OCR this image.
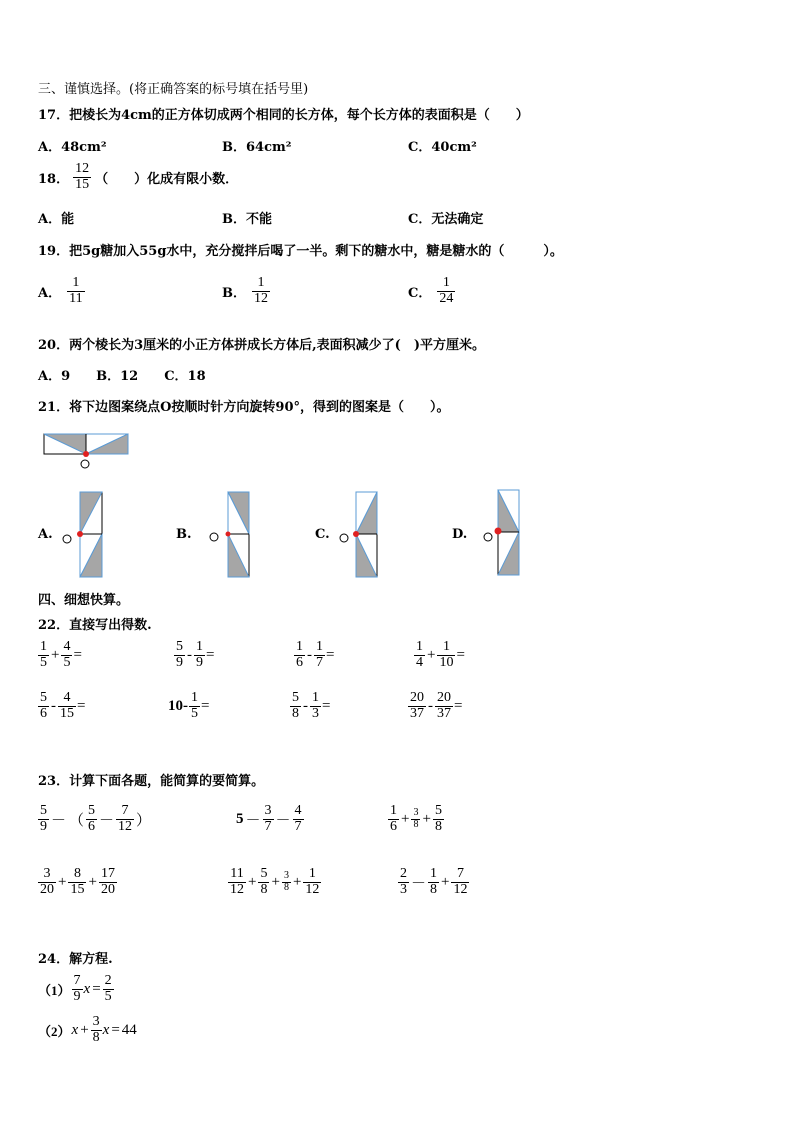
三、谨慎选择。(将正确答案的标号填在括号里)
17．把棱长为4cm的正方体切成两个相同的长方体，每个长方体的表面积是（　　）
A．48cm²	B．64cm²	C．40cm²
18． $\frac{12}{15}$ （　　）化成有限小数．
A．能	B．不能	C．无法确定
19．把5g糖加入55g水中，充分搅拌后喝了一半。剩下的糖水中，糖是糖水的（　　　）。
A． $\frac{1}{11}$	B． $\frac{1}{12}$	C． $\frac{1}{24}$
20．两个棱长为3厘米的小正方体拼成长方体后,表面积减少了(　)平方厘米。
A．9　　B．12　　C．18
21．将下边图案绕点O按顺时针方向旋转90°，得到的图案是（　　）。
A.	B.	C.	D.
四、细想快算。
22．直接写出得数.
$\frac{1}{5} + \frac{4}{5}$ =	$\frac{5}{9} - \frac{1}{9}$ =	$\frac{1}{6} - \frac{1}{7}$ =	$\frac{1}{4} + \frac{1}{10}$ =
$\frac{5}{6} - \frac{4}{15}$ =	$10- \frac{1}{5}$ =	$\frac{5}{8} - \frac{1}{3}$ =	$\frac{20}{37} - \frac{20}{37}$ =
23．计算下面各题，能简算的要简算。
$\frac{5}{9}$ － （ $\frac{5}{6} - \frac{7}{12}$ ）	$5 - \frac{3}{7} - \frac{4}{7}$	$\frac{1}{6} + \frac{3}{8} + \frac{5}{8}$
$\frac{3}{20} + \frac{8}{15} + \frac{17}{20}$	$\frac{11}{12} + \frac{5}{8} + \frac{3}{8} + \frac{1}{12}$	$\frac{2}{3} - \frac{1}{8} + \frac{7}{12}$
24．解方程.
$(1) \frac{7}{9}$ $x = \frac{2}{5}$
（2） $x + \frac{3}{8}$ x = 44
